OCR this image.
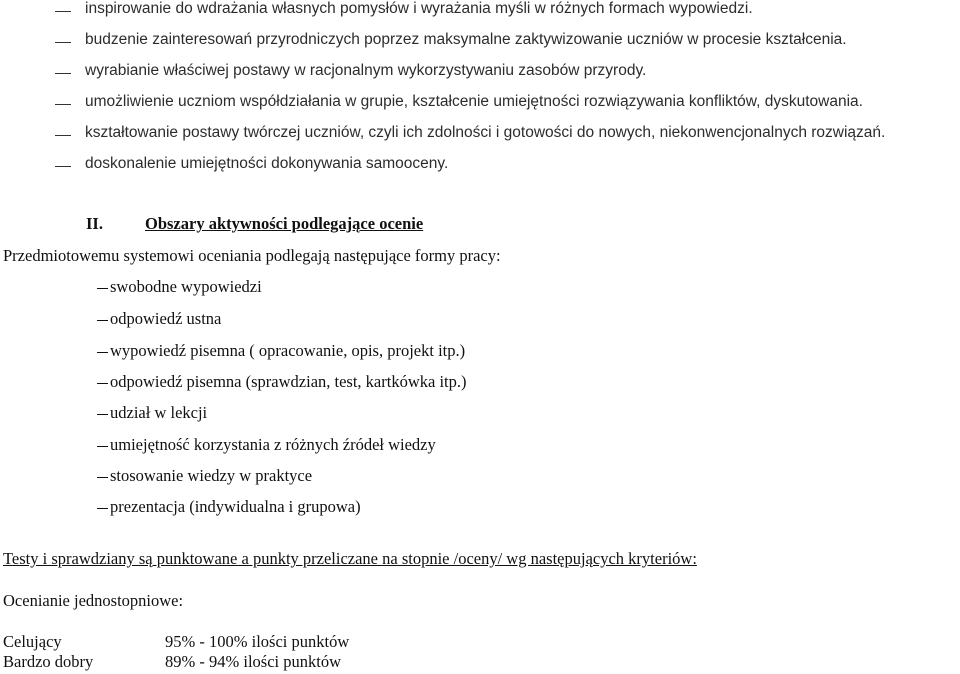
inspirowanie do wdrażania własnych pomysłów i wyrażania myśli w różnych formach wypowiedzi.
budzenie zainteresowań przyrodniczych poprzez maksymalne zaktywizowanie uczniów w procesie kształcenia.
wyrabianie właściwej postawy w racjonalnym wykorzystywaniu zasobów przyrody.
umożliwienie uczniom współdziałania w grupie, kształcenie umiejętności rozwiązywania konfliktów, dyskutowania.
kształtowanie postawy twórczej uczniów, czyli ich zdolności i gotowości do nowych, niekonwencjonalnych rozwiązań.
doskonalenie umiejętności dokonywania samooceny.
II.	Obszary aktywności podlegające ocenie
Przedmiotowemu systemowi oceniania podlegają następujące formy pracy:
swobodne wypowiedzi
odpowiedź ustna
wypowiedź pisemna ( opracowanie, opis, projekt itp.)
odpowiedź pisemna (sprawdzian, test, kartkówka itp.)
udział w lekcji
umiejętność korzystania z różnych źródeł wiedzy
stosowanie wiedzy w praktyce
prezentacja (indywidualna i grupowa)
Testy i sprawdziany są punktowane a punkty przeliczane na stopnie /oceny/ wg następujących kryteriów:
Ocenianie jednostopniowe:
Celujący	95% - 100% ilości punktów
Bardzo dobry	89% - 94% ilości punktów
